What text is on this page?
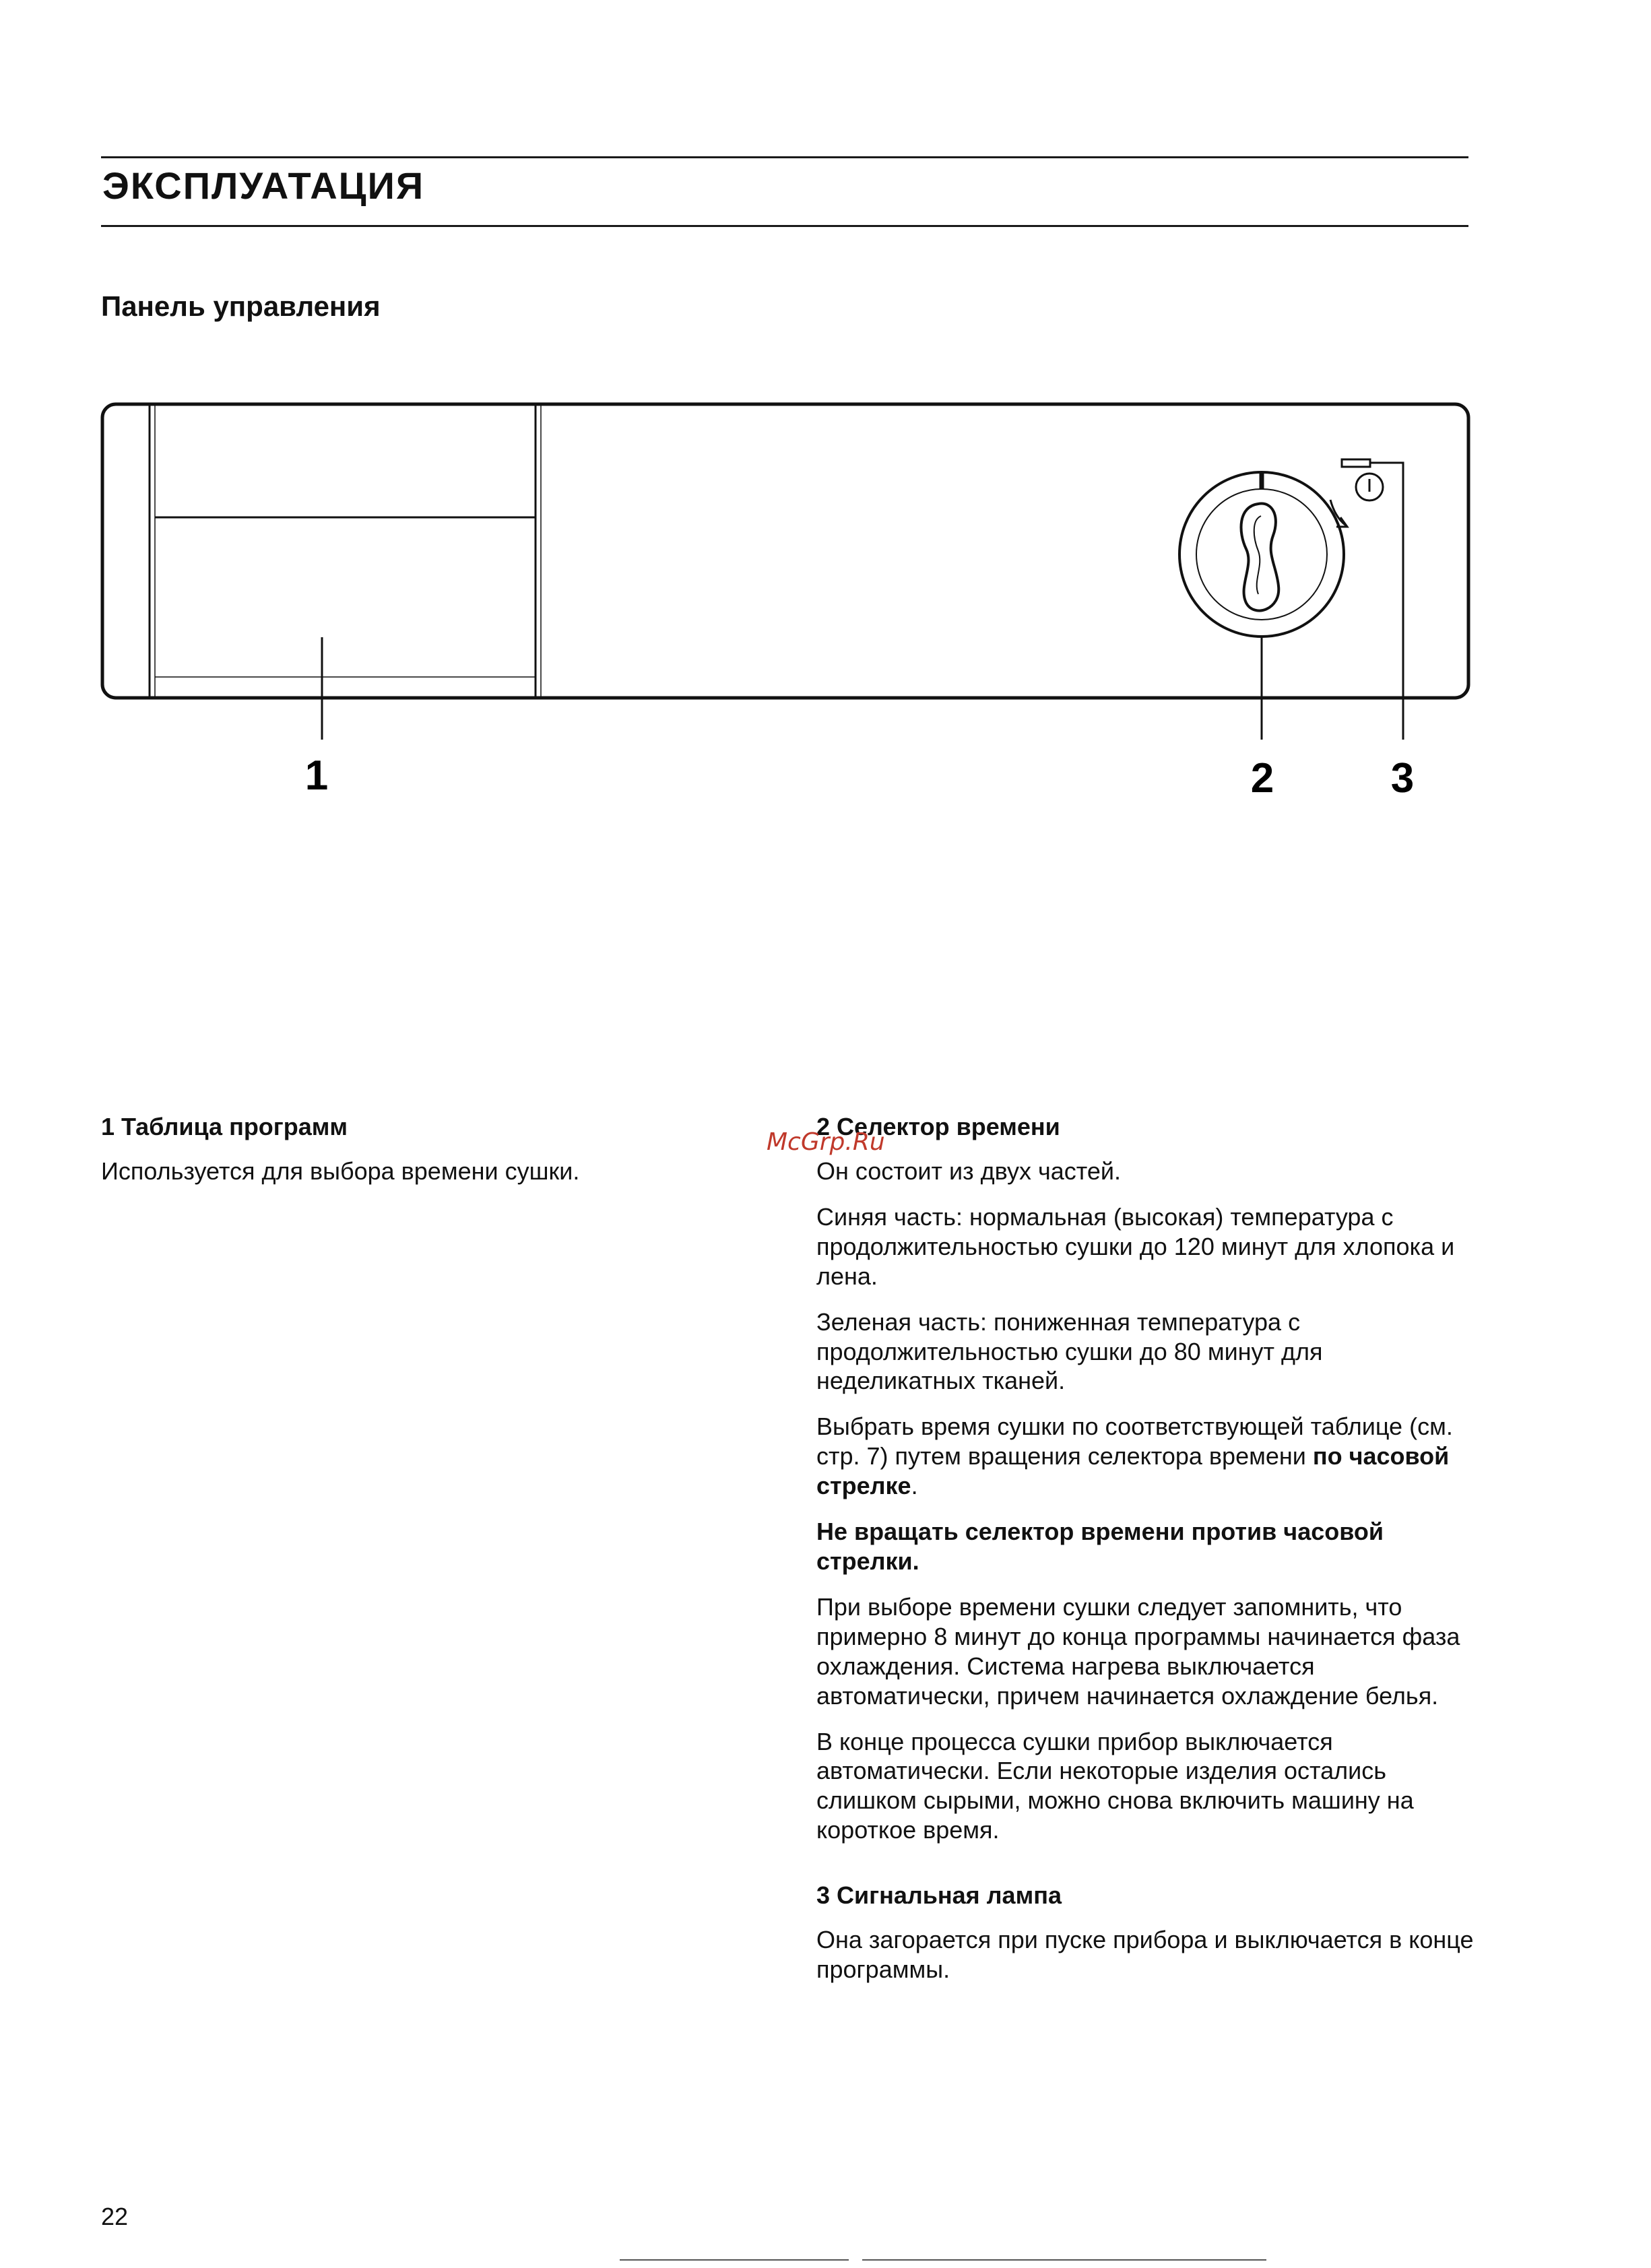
ЭКСПЛУАТАЦИЯ
Панель управления
1	2	3
1 Таблица программ

Используется для выбора времени сушки.

2 Селектор времени

Он состоит из двух частей.

Синяя часть: нормальная (высокая) температура с продолжительностью сушки до 120 минут для хлопока и лена.

Зеленая часть: пониженная температура с продолжительностью сушки до 80 минут для неделикатных тканей.

Выбрать время сушки по соответствующей таблице (см. стр. 7) путем вращения селектора времени по часовой стрелке.

Не вращать селектор времени против часовой стрелки.

При выборе времени сушки следует запомнить, что примерно 8 минут до конца программы начинается фаза охлаждения. Система нагрева выключается автоматически, причем начинается охлаждение белья.

В конце процесса сушки прибор выключается автоматически. Если некоторые изделия остались слишком сырыми, можно снова включить машину на короткое время.

3 Сигнальная лампа

Она загорается при пуске прибора и выключается в конце программы.

McGrp.Ru

22
